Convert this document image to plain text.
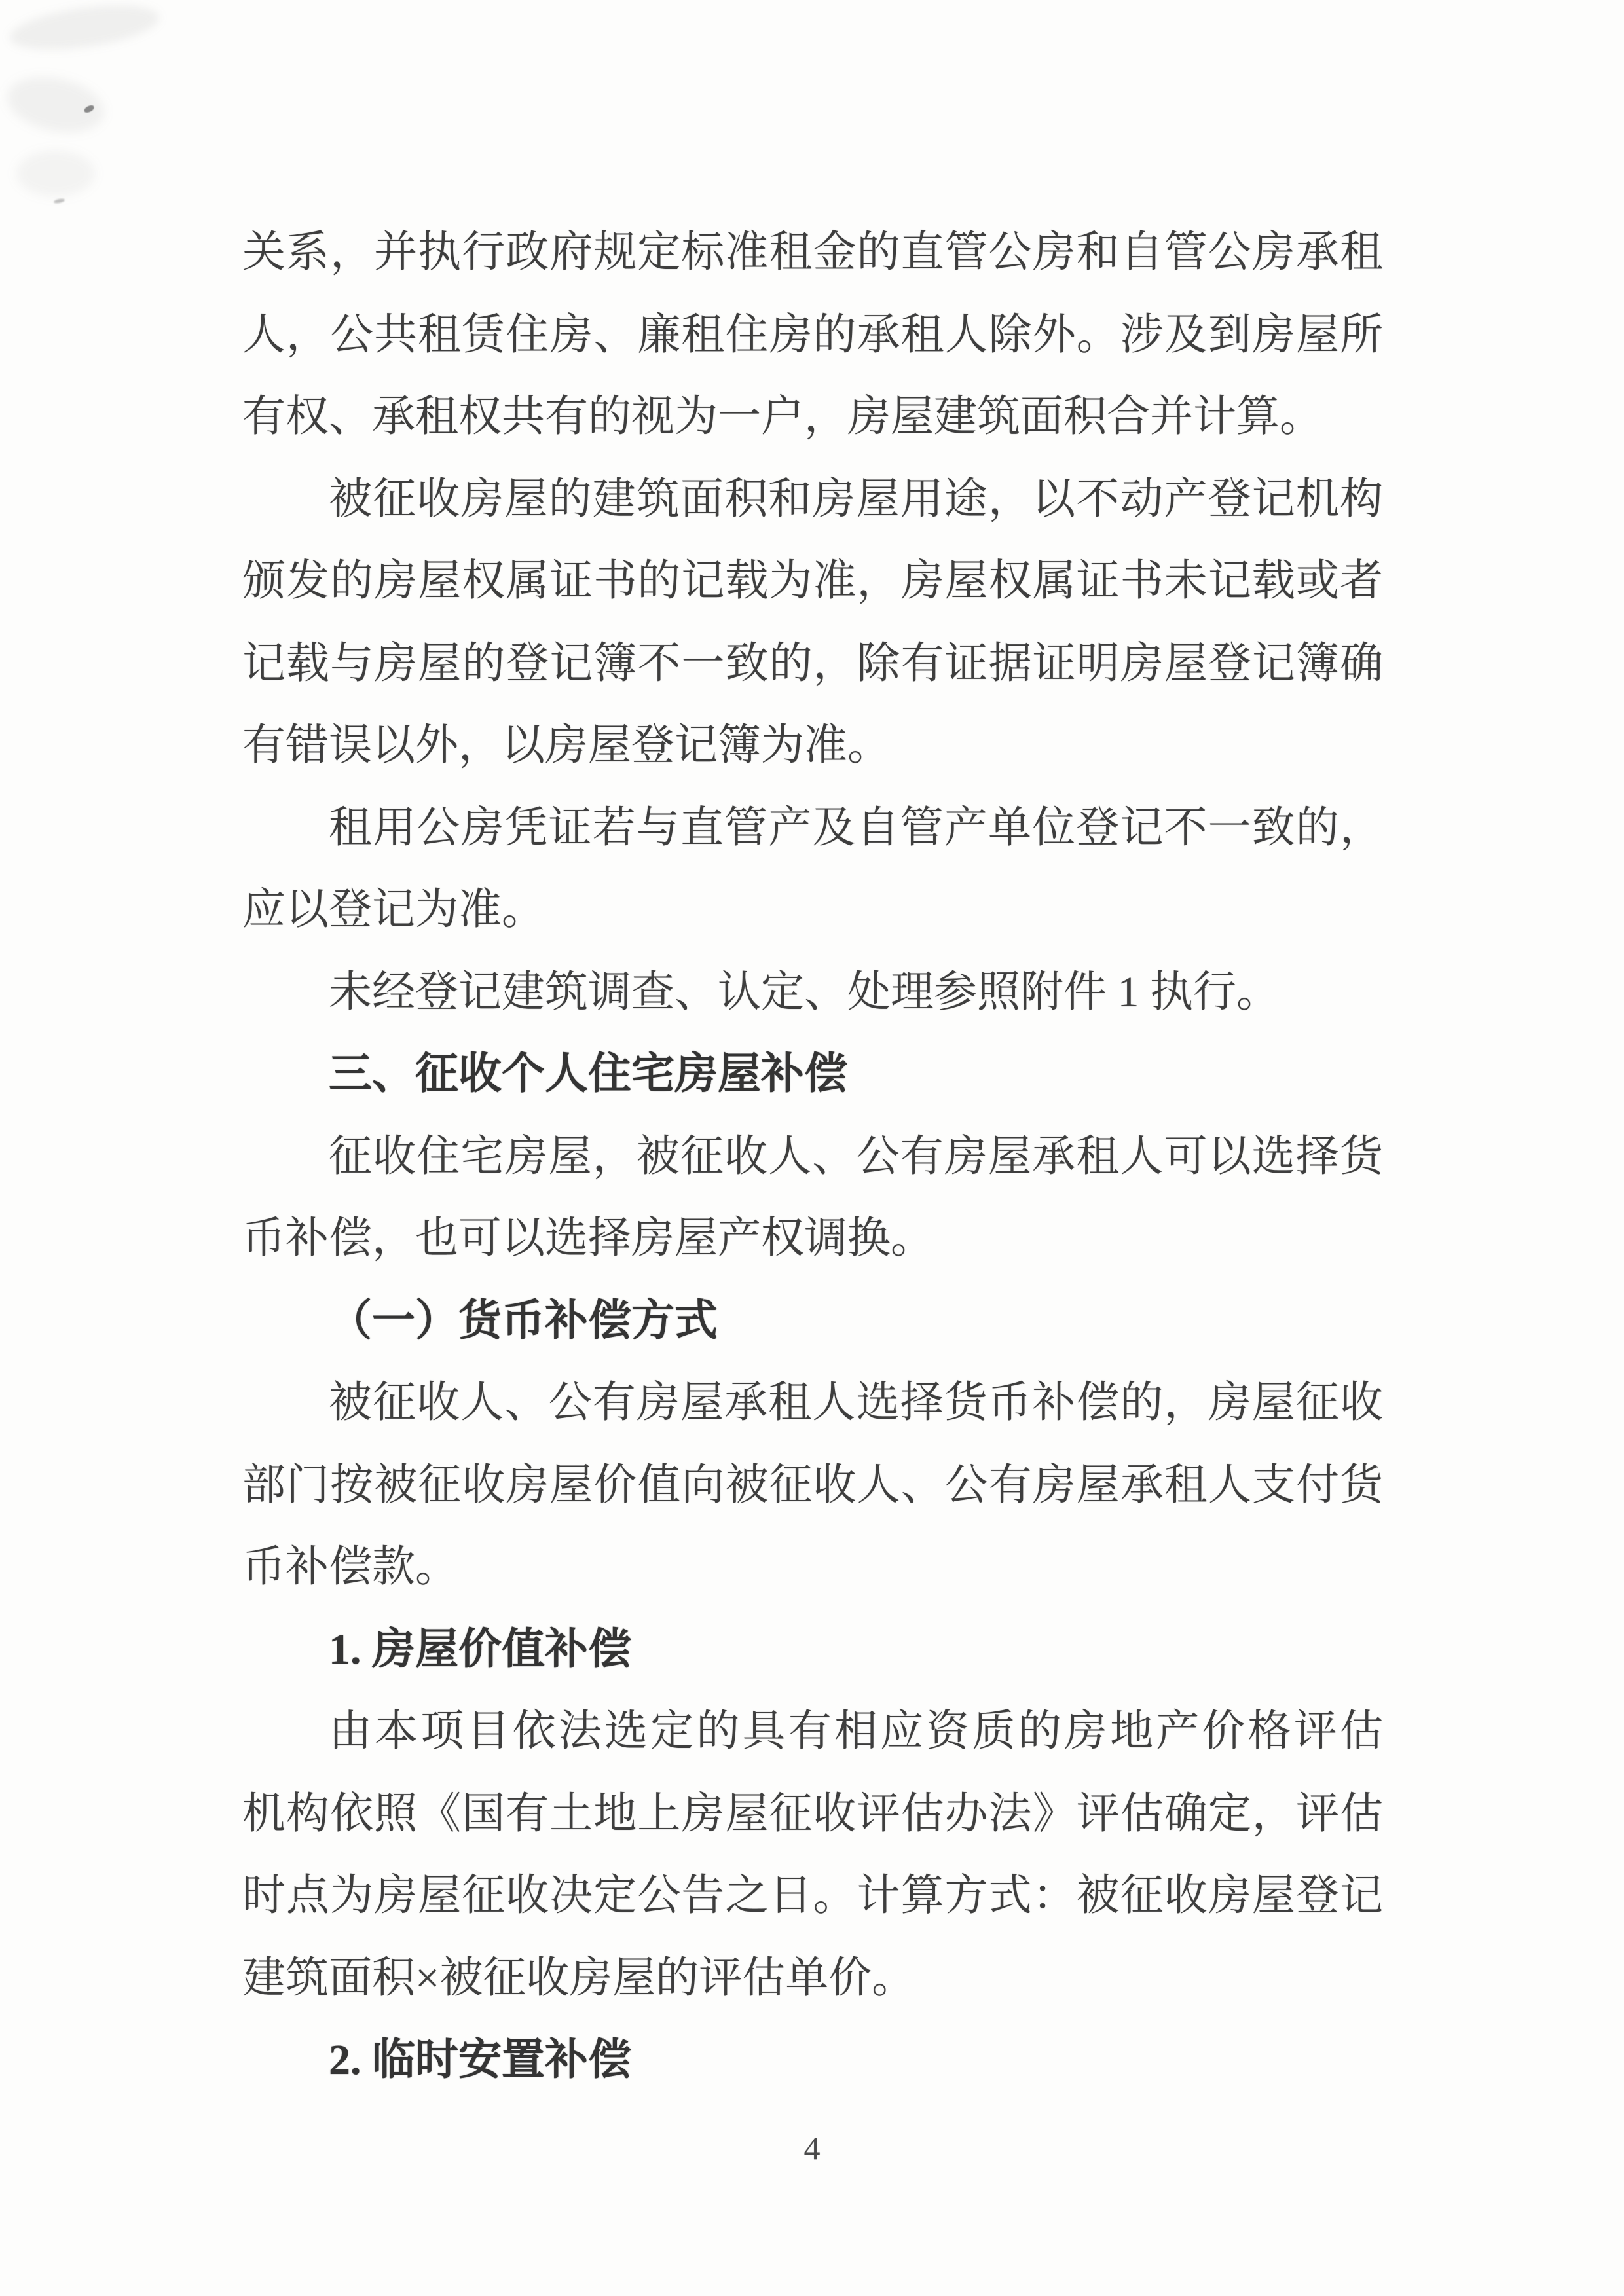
关系，并执行政府规定标准租金的直管公房和自管公房承租
人，公共租赁住房、廉租住房的承租人除外。涉及到房屋所
有权、承租权共有的视为一户，房屋建筑面积合并计算。
被征收房屋的建筑面积和房屋用途，以不动产登记机构
颁发的房屋权属证书的记载为准，房屋权属证书未记载或者
记载与房屋的登记簿不一致的，除有证据证明房屋登记簿确
有错误以外，以房屋登记簿为准。
租用公房凭证若与直管产及自管产单位登记不一致的，
应以登记为准。
未经登记建筑调查、认定、处理参照附件 1 执行。
三、征收个人住宅房屋补偿
征收住宅房屋，被征收人、公有房屋承租人可以选择货
币补偿，也可以选择房屋产权调换。
（一）货币补偿方式
被征收人、公有房屋承租人选择货币补偿的，房屋征收
部门按被征收房屋价值向被征收人、公有房屋承租人支付货
币补偿款。
1. 房屋价值补偿
由本项目依法选定的具有相应资质的房地产价格评估
机构依照《国有土地上房屋征收评估办法》评估确定，评估
时点为房屋征收决定公告之日。计算方式：被征收房屋登记
建筑面积×被征收房屋的评估单价。
2. 临时安置补偿
4
